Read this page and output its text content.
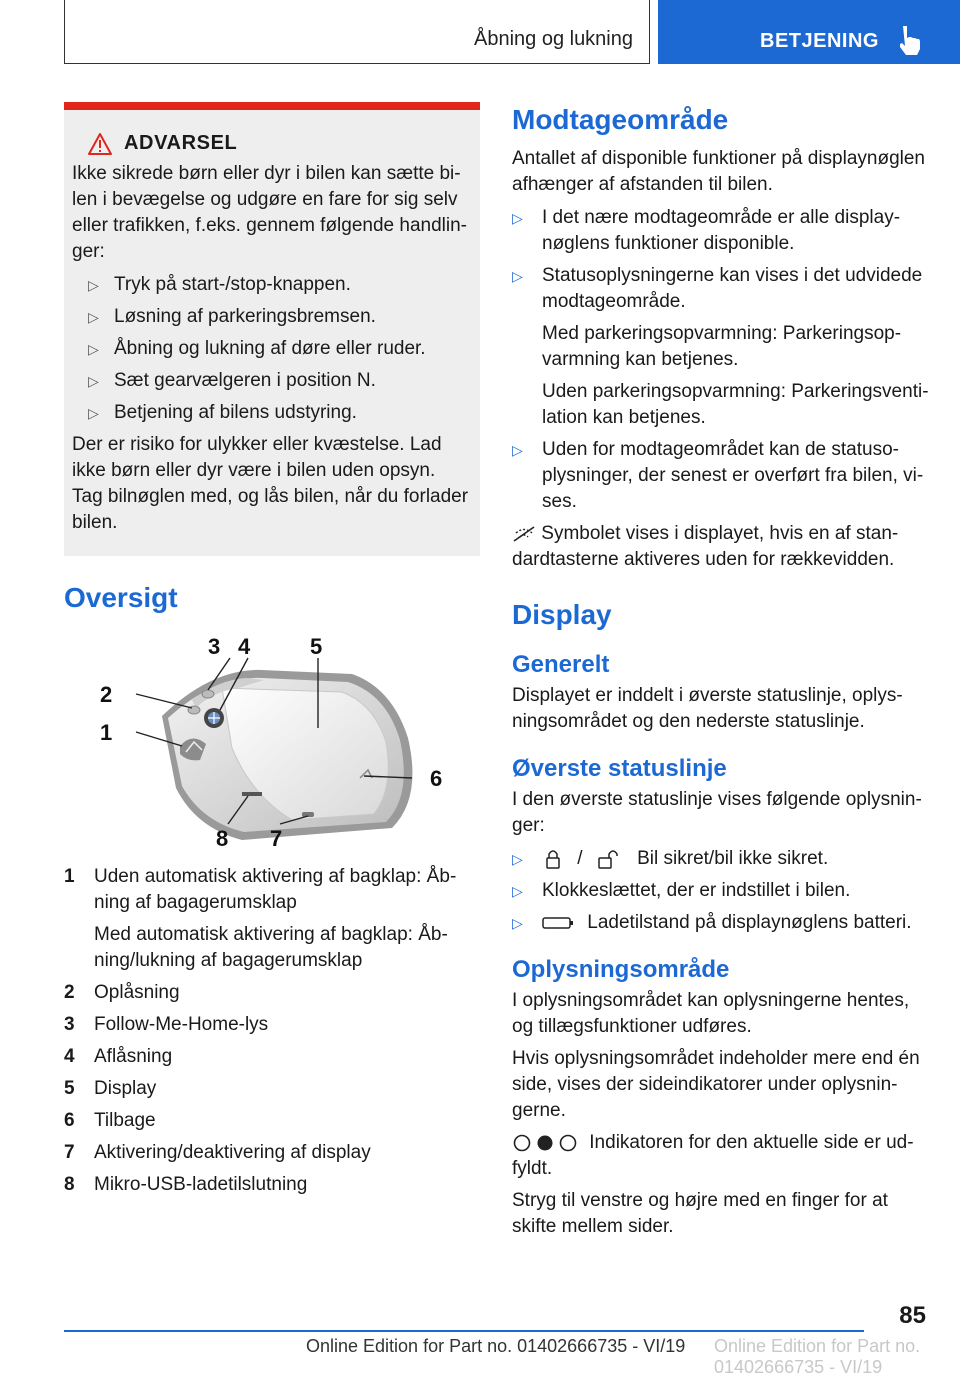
Åbning og lukning	BETJENING
ADVARSEL

Ikke sikrede børn eller dyr i bilen kan sætte bilen i bevægelse og udgøre en fare for sig selv eller trafikken, f.eks. gennem følgende handlinger:

▷ Tryk på start-/stop-knappen.
▷ Løsning af parkeringsbremsen.
▷ Åbning og lukning af døre eller ruder.
▷ Sæt gearvælgeren i position N.
▷ Betjening af bilens udstyring.

Der er risiko for ulykker eller kvæstelse. Lad ikke børn eller dyr være i bilen uden opsyn. Tag bilnøglen med, og lås bilen, når du forlader bilen.

Oversigt
1
2
3 4	5
6
7
8
1	Uden automatisk aktivering af bagklap: Åbning af bagagerumsklap

Med automatisk aktivering af bagklap: Åbning/lukning af bagagerumsklap

2	Oplåsning

3	Follow-Me-Home-lys

4	Aflåsning

5	Display

6	Tilbage

7	Aktivering/deaktivering af display

8	Mikro-USB-ladetilslutning

Modtageområde

Antallet af disponible funktioner på displaynøglen afhænger af afstanden til bilen.

▷ I det nære modtageområde er alle displaynøglens funktioner disponible.

▷ Statusoplysningerne kan vises i det udvidede modtageområde.

Med parkeringsopvarmning: Parkeringsopvarmning kan betjenes.

Uden parkeringsopvarmning: Parkeringsventilation kan betjenes.

▷ Uden for modtageområdet kan de statusoplysninger, der senest er overført fra bilen, vises.

Symbolet vises i displayet, hvis en af standardtasterne aktiveres uden for rækkevidden.

Display
Generelt

Displayet er inddelt i øverste statuslinje, oplysningsområdet og den nederste statuslinje.

Øverste statuslinje

I den øverste statuslinje vises følgende oplysninger:

▷	/	Bil sikret/bil ikke sikret.
▷ Klokkeslættet, der er indstillet i bilen.
▷	Ladetilstand på displaynøglens batteri.
Oplysningsområde

I oplysningsområdet kan oplysningerne hentes, og tillægsfunktioner udføres.

Hvis oplysningsområdet indeholder mere end én side, vises der sideindikatorer under oplysningerne.

Indikatoren for den aktuelle side er udfyldt.

Stryg til venstre og højre med en finger for at skifte mellem sider.

85
Online Edition for Part no. 01402666735 - VI/19 Online Edition for Part no. 01402666735 - VI/19
